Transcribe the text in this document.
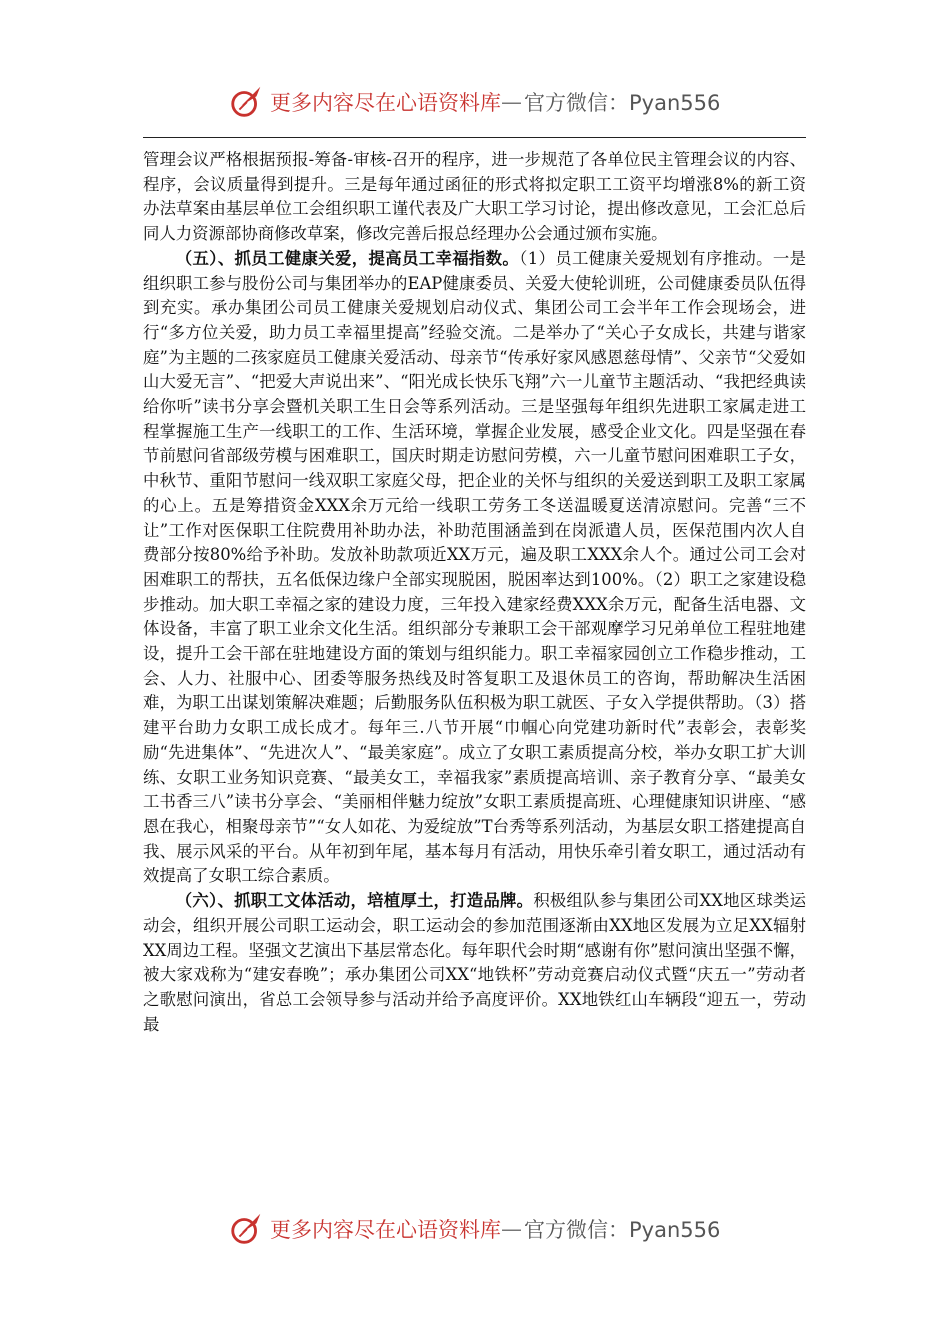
更多内容尽在心语资料库 — 官方微信：Pyan556

管理会议严格根据预报-筹备-审核-召开的程序，进一步规范了各单位民主管理会议的内容、程序，会议质量得到提升。三是每年通过函征的形式将拟定职工工资平均增涨8%的新工资办法草案由基层单位工会组织职工谨代表及广大职工学习讨论，提出修改意见，工会汇总后同人力资源部协商修改草案，修改完善后报总经理办公会通过颁布实施。

（五）、抓员工健康关爱，提高员工幸福指数。（1）员工健康关爱规划有序推动。一是组织职工参与股份公司与集团举办的EAP健康委员、关爱大使轮训班，公司健康委员队伍得到充实。承办集团公司员工健康关爱规划启动仪式、集团公司工会半年工作会现场会，进行“多方位关爱，助力员工幸福里提高”经验交流。二是举办了“关心子女成长，共建与谐家庭”为主题的二孩家庭员工健康关爱活动、母亲节“传承好家风感恩慈母情”、父亲节“父爱如山大爱无言”、“把爱大声说出来”、“阳光成长快乐飞翔”六一儿童节主题活动、“我把经典读给你听”读书分享会暨机关职工生日会等系列活动。三是坚强每年组织先进职工家属走进工程掌握施工生产一线职工的工作、生活环境，掌握企业发展，感受企业文化。四是坚强在春节前慰问省部级劳模与困难职工，国庆时期走访慰问劳模，六一儿童节慰问困难职工子女，中秋节、重阳节慰问一线双职工家庭父母，把企业的关怀与组织的关爱送到职工及职工家属的心上。五是筹措资金XXX余万元给一线职工劳务工冬送温暖夏送清凉慰问。完善“三不让”工作对医保职工住院费用补助办法，补助范围涵盖到在岗派遣人员，医保范围内次人自费部分按80%给予补助。发放补助款项近XX万元，遍及职工XXX余人个。通过公司工会对困难职工的帮扶，五名低保边缘户全部实现脱困，脱困率达到100%。（2）职工之家建设稳步推动。加大职工幸福之家的建设力度，三年投入建家经费XXX余万元，配备生活电器、文体设备，丰富了职工业余文化生活。组织部分专兼职工会干部观摩学习兄弟单位工程驻地建设，提升工会干部在驻地建设方面的策划与组织能力。职工幸福家园创立工作稳步推动，工会、人力、社服中心、团委等服务热线及时答复职工及退休员工的咨询，帮助解决生活困难，为职工出谋划策解决难题；后勤服务队伍积极为职工就医、子女入学提供帮助。（3）搭建平台助力女职工成长成才。每年三.八节开展“巾帼心向党建功新时代”表彰会，表彰奖励“先进集体”、“先进次人”、“最美家庭”。成立了女职工素质提高分校，举办女职工扩大训练、女职工业务知识竞赛、“最美女工，幸福我家”素质提高培训、亲子教育分享、“最美女工书香三八”读书分享会、“美丽相伴魅力绽放”女职工素质提高班、心理健康知识讲座、“感恩在我心，相聚母亲节”“女人如花、为爱绽放”T台秀等系列活动，为基层女职工搭建提高自我、展示风采的平台。从年初到年尾，基本每月有活动，用快乐牵引着女职工，通过活动有效提高了女职工综合素质。

（六）、抓职工文体活动，培植厚土，打造品牌。积极组队参与集团公司XX地区球类运动会，组织开展公司职工运动会，职工运动会的参加范围逐渐由XX地区发展为立足XX辐射XX周边工程。坚强文艺演出下基层常态化。每年职代会时期“感谢有你”慰问演出坚强不懈，被大家戏称为“建安春晚”；承办集团公司XX“地铁杯”劳动竞赛启动仪式暨“庆五一”劳动者之歌慰问演出，省总工会领导参与活动并给予高度评价。XX地铁红山车辆段“迎五一，劳动最

更多内容尽在心语资料库 — 官方微信：Pyan556
